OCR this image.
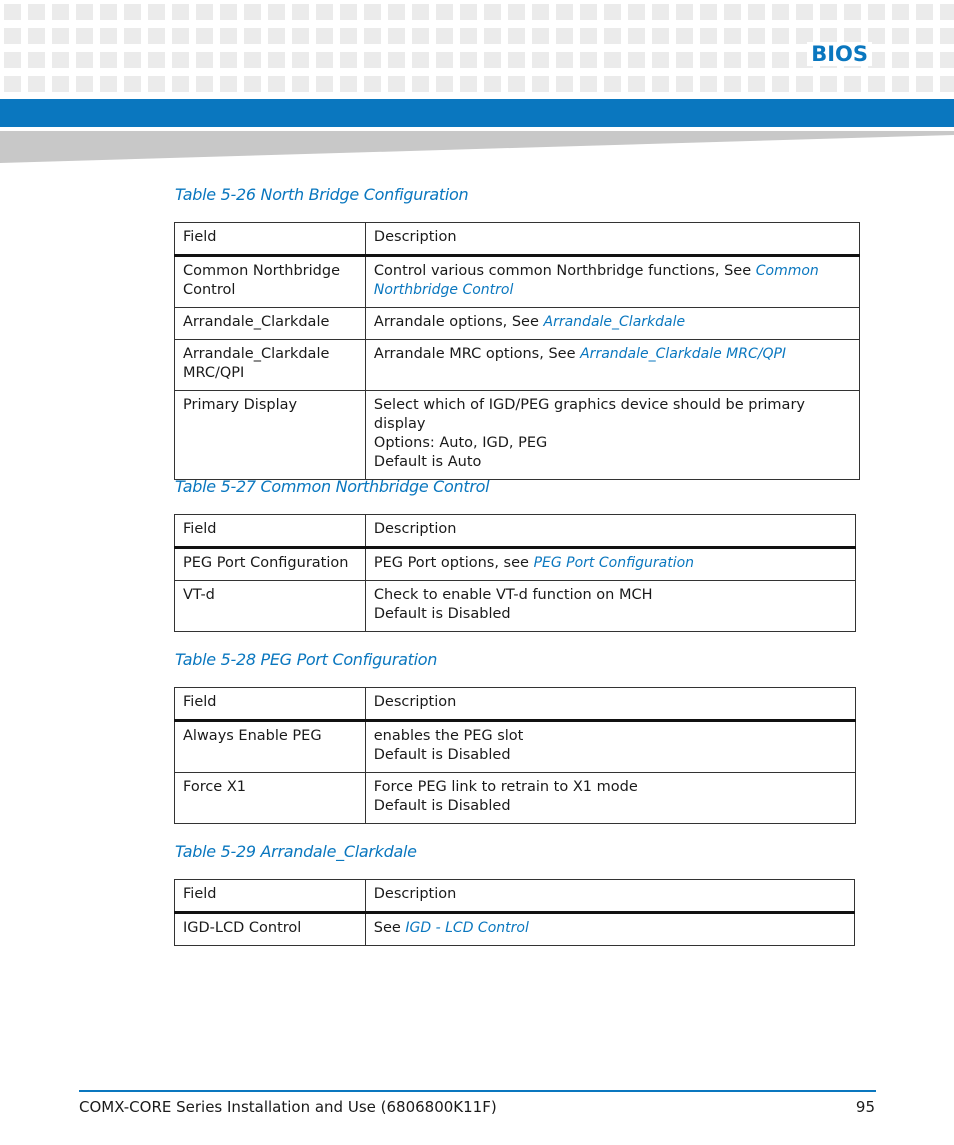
BIOS
Table 5-26 North Bridge Configuration
Field	Description
Common Northbridge Control	Control various common Northbridge functions, See Common Northbridge Control
Arrandale_Clarkdale	Arrandale options, See Arrandale_Clarkdale
Arrandale_Clarkdale MRC/QPI	Arrandale MRC options, See Arrandale_Clarkdale MRC/QPI
Primary Display	Select which of IGD/PEG graphics device should be primary display
Options: Auto, IGD, PEG
Default is Auto
Table 5-27 Common Northbridge Control
Field	Description
PEG Port Configuration	PEG Port options, see PEG Port Configuration
VT-d	Check to enable VT-d function on MCH
Default is Disabled
Table 5-28 PEG Port Configuration
Field	Description
Always Enable PEG	enables the PEG slot
Default is Disabled

Force X1	Force PEG link to retrain to X1 mode
Default is Disabled
Table 5-29 Arrandale_Clarkdale
Field	Description
IGD-LCD Control	See IGD - LCD Control
COMX-CORE Series Installation and Use (6806800K11F)	95
